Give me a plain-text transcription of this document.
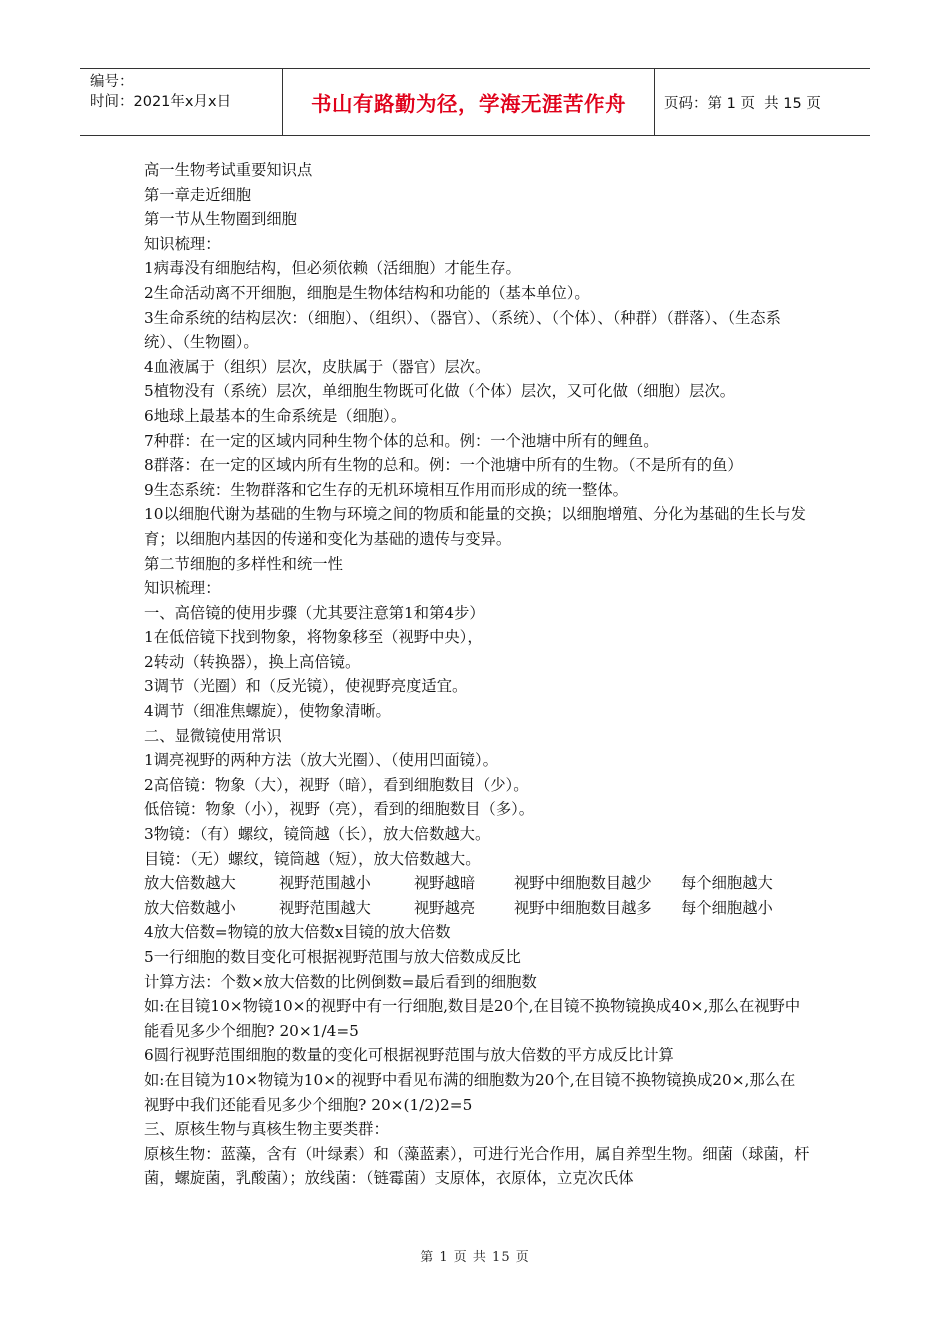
编号：
时间：2021年x月x日	书山有路勤为径，学海无涯苦作舟	页码：第 1 页  共 15 页

高一生物考试重要知识点

第一章走近细胞

第一节从生物圈到细胞

知识梳理：

1病毒没有细胞结构，但必须依赖（活细胞）才能生存。

2生命活动离不开细胞，细胞是生物体结构和功能的（基本单位）。

3生命系统的结构层次：（细胞）、（组织）、（器官）、（系统）、（个体）、（种群）（群落）、（生态系统）、（生物圈）。

4血液属于（组织）层次，皮肤属于（器官）层次。

5植物没有（系统）层次，单细胞生物既可化做（个体）层次，又可化做（细胞）层次。

6地球上最基本的生命系统是（细胞）。

7种群：在一定的区域内同种生物个体的总和。例：一个池塘中所有的鲤鱼。

8群落：在一定的区域内所有生物的总和。例：一个池塘中所有的生物。（不是所有的鱼）

9生态系统：生物群落和它生存的无机环境相互作用而形成的统一整体。

10以细胞代谢为基础的生物与环境之间的物质和能量的交换；以细胞增殖、分化为基础的生长与发育；以细胞内基因的传递和变化为基础的遗传与变异。

第二节细胞的多样性和统一性

知识梳理：

一、高倍镜的使用步骤（尤其要注意第1和第4步）

1在低倍镜下找到物象，将物象移至（视野中央），

2转动（转换器），换上高倍镜。

3调节（光圈）和（反光镜），使视野亮度适宜。

4调节（细准焦螺旋），使物象清晰。

二、显微镜使用常识

1调亮视野的两种方法（放大光圈）、（使用凹面镜）。

2高倍镜：物象（大），视野（暗），看到细胞数目（少）。

低倍镜：物象（小），视野（亮），看到的细胞数目（多）。

3物镜：（有）螺纹，镜筒越（长），放大倍数越大。

目镜：（无）螺纹，镜筒越（短），放大倍数越大。

放大倍数越大	视野范围越小	视野越暗	视野中细胞数目越少	每个细胞越大

放大倍数越小	视野范围越大	视野越亮	视野中细胞数目越多	每个细胞越小

4放大倍数=物镜的放大倍数x目镜的放大倍数

5一行细胞的数目变化可根据视野范围与放大倍数成反比

计算方法：个数×放大倍数的比例倒数=最后看到的细胞数

如:在目镜10×物镜10×的视野中有一行细胞,数目是20个,在目镜不换物镜换成40×,那么在视野中能看见多少个细胞? 20×1/4=5

6圆行视野范围细胞的数量的变化可根据视野范围与放大倍数的平方成反比计算

如:在目镜为10×物镜为10×的视野中看见布满的细胞数为20个,在目镜不换物镜换成20×,那么在视野中我们还能看见多少个细胞? 20×(1/2)2=5

三、原核生物与真核生物主要类群：

原核生物：蓝藻，含有（叶绿素）和（藻蓝素），可进行光合作用，属自养型生物。细菌（球菌，杆菌，螺旋菌，乳酸菌）；放线菌：（链霉菌）支原体，衣原体，立克次氏体

第 1 页 共 15 页
